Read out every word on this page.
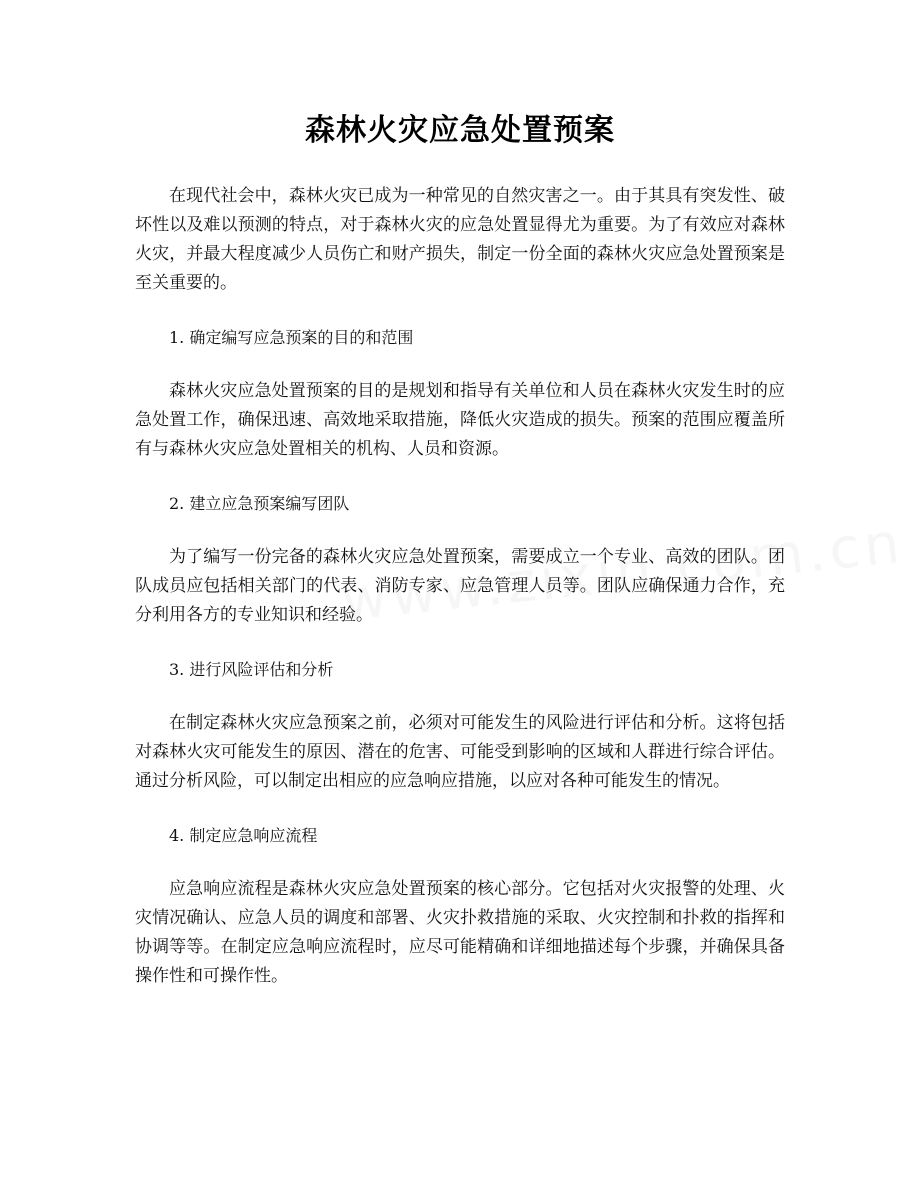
森林火灾应急处置预案

在现代社会中，森林火灾已成为一种常见的自然灾害之一。由于其具有突发性、破坏性以及难以预测的特点，对于森林火灾的应急处置显得尤为重要。为了有效应对森林火灾，并最大程度减少人员伤亡和财产损失，制定一份全面的森林火灾应急处置预案是至关重要的。

1. 确定编写应急预案的目的和范围

森林火灾应急处置预案的目的是规划和指导有关单位和人员在森林火灾发生时的应急处置工作，确保迅速、高效地采取措施，降低火灾造成的损失。预案的范围应覆盖所有与森林火灾应急处置相关的机构、人员和资源。

2. 建立应急预案编写团队

为了编写一份完备的森林火灾应急处置预案，需要成立一个专业、高效的团队。团队成员应包括相关部门的代表、消防专家、应急管理人员等。团队应确保通力合作，充分利用各方的专业知识和经验。

3. 进行风险评估和分析

在制定森林火灾应急预案之前，必须对可能发生的风险进行评估和分析。这将包括对森林火灾可能发生的原因、潜在的危害、可能受到影响的区域和人群进行综合评估。通过分析风险，可以制定出相应的应急响应措施，以应对各种可能发生的情况。

4. 制定应急响应流程

应急响应流程是森林火灾应急处置预案的核心部分。它包括对火灾报警的处理、火灾情况确认、应急人员的调度和部署、火灾扑救措施的采取、火灾控制和扑救的指挥和协调等等。在制定应急响应流程时，应尽可能精确和详细地描述每个步骤，并确保具备操作性和可操作性。
